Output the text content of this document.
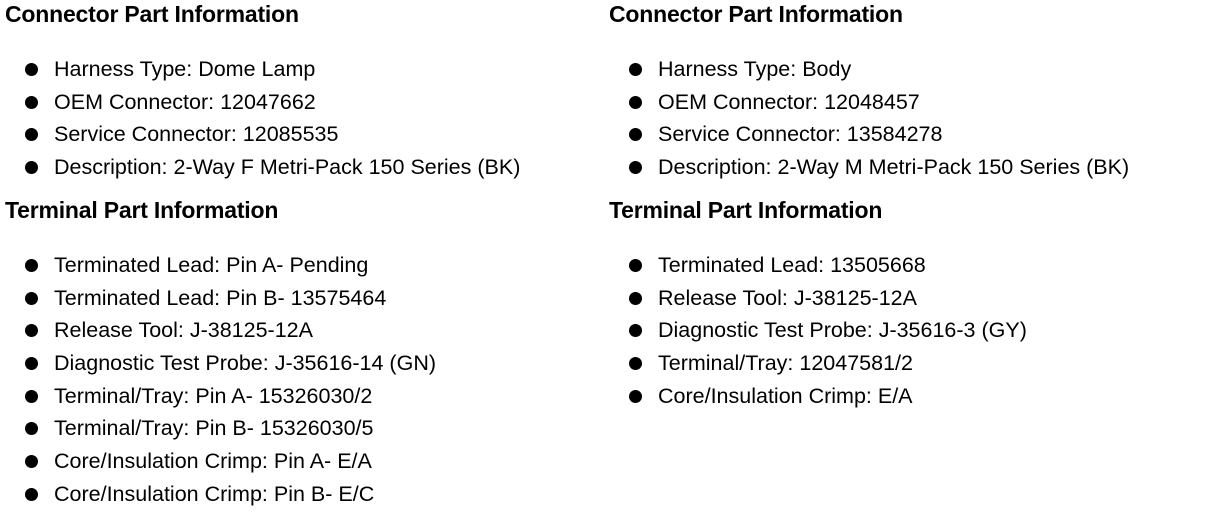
Connector Part Information
Harness Type: Dome Lamp
OEM Connector: 12047662
Service Connector: 12085535
Description: 2-Way F Metri-Pack 150 Series (BK)
Terminal Part Information
Terminated Lead: Pin A- Pending
Terminated Lead: Pin B- 13575464
Release Tool: J-38125-12A
Diagnostic Test Probe: J-35616-14 (GN)
Terminal/Tray: Pin A- 15326030/2
Terminal/Tray: Pin B- 15326030/5
Core/Insulation Crimp: Pin A- E/A
Core/Insulation Crimp: Pin B- E/C
Connector Part Information
Harness Type: Body
OEM Connector: 12048457
Service Connector: 13584278
Description: 2-Way M Metri-Pack 150 Series (BK)
Terminal Part Information
Terminated Lead: 13505668
Release Tool: J-38125-12A
Diagnostic Test Probe: J-35616-3 (GY)
Terminal/Tray: 12047581/2
Core/Insulation Crimp: E/A
